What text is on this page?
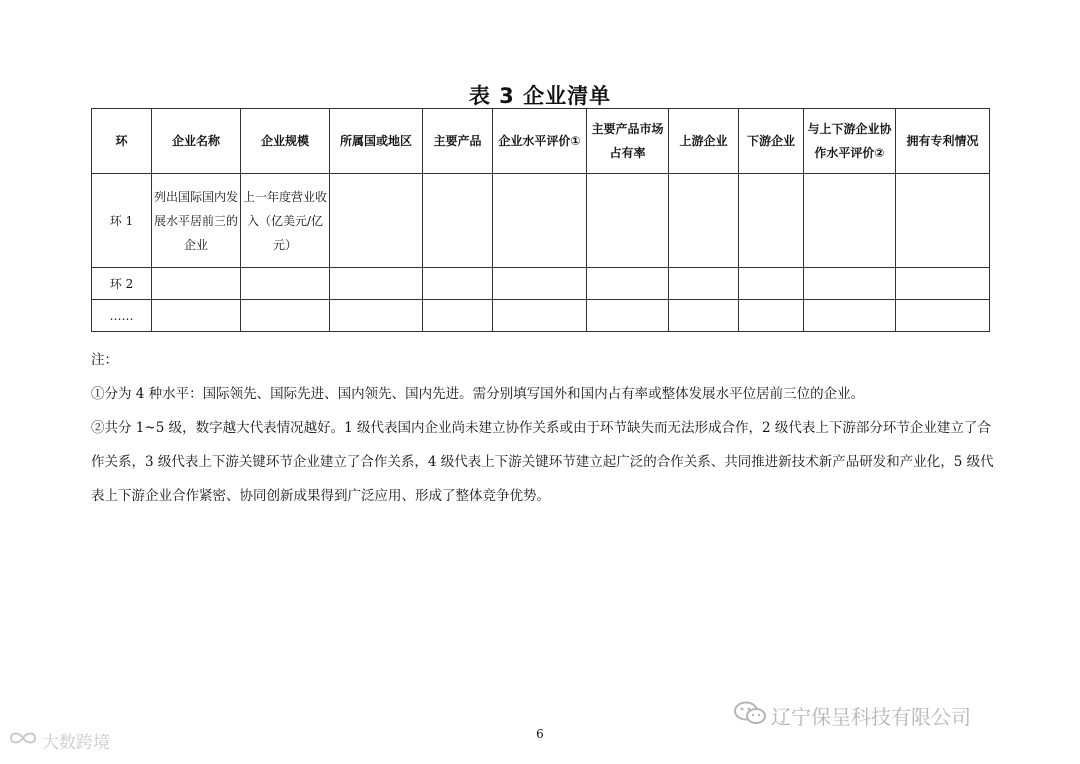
表 3 企业清单
环	企业名称	企业规模	所属国或地区	主要产品	企业水平评价①	主要产品市场占有率	上游企业	下游企业	与上下游企业协作水平评价②	拥有专利情况
环 1	列出国际国内发展水平居前三的企业	上一年度营业收入（亿美元/亿元）								
环 2										
……										

注：

①分为 4 种水平：国际领先、国际先进、国内领先、国内先进。需分别填写国外和国内占有率或整体发展水平位居前三位的企业。

②共分 1~5 级，数字越大代表情况越好。1 级代表国内企业尚未建立协作关系或由于环节缺失而无法形成合作，2 级代表上下游部分环节企业建立了合作关系，3 级代表上下游关键环节企业建立了合作关系，4 级代表上下游关键环节建立起广泛的合作关系、共同推进新技术新产品研发和产业化，5 级代表上下游企业合作紧密、协同创新成果得到广泛应用、形成了整体竞争优势。

6
大数跨境
辽宁保呈科技有限公司
